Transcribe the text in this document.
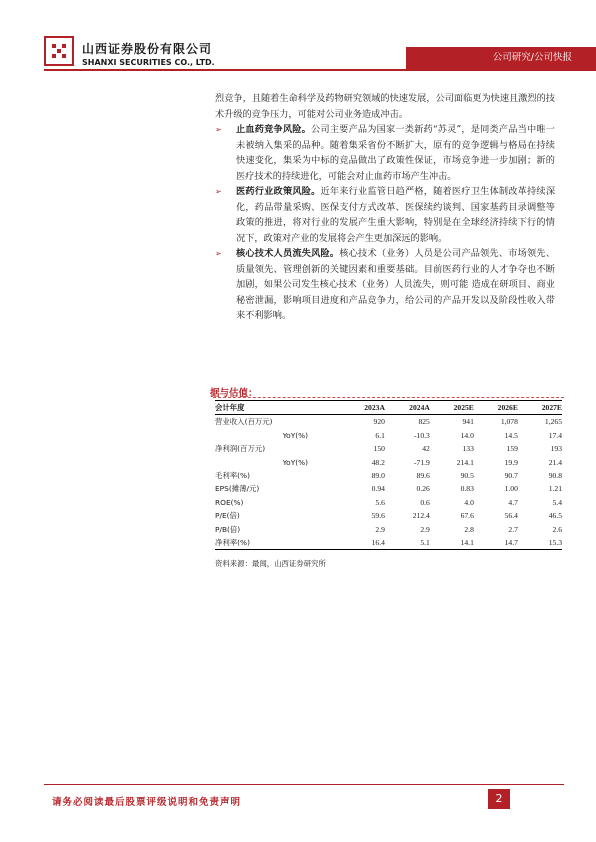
山西证券股份有限公司
SHANXI SECURITIES CO., LTD.	公司研究/公司快报

烈竞争，且随着生命科学及药物研究领域的快速发展，公司面临更为快速且激烈的技术升级的竞争压力，可能对公司业务造成冲击。

➢ 止血药竞争风险。公司主要产品为国家一类新药“苏灵”，是同类产品当中唯一未被纳入集采的品种。随着集采省份不断扩大，原有的竞争逻辑与格局在持续快速变化，集采为中标的竞品做出了政策性保证，市场竞争进一步加剧；新的医疗技术的持续进化，可能会对止血药市场产生冲击。

➢ 医药行业政策风险。近年来行业监管日趋严格，随着医疗卫生体制改革持续深化，药品带量采购、医保支付方式改革、医保续约谈判、国家基药目录调整等 政策的推进，将对行业的发展产生重大影响，特别是在全球经济持续下行的情况下，政策对产业的发展将会产生更加深远的影响。

➢ 核心技术人员流失风险。核心技术（业务）人员是公司产品领先、市场领先、质量领先、管理创新的关键因素和重要基础。目前医药行业的人才争夺也不断加剧，如果公司发生核心技术（业务）人员流失，则可能 造成在研项目、商业秘密泄漏，影响项目进度和产品竞争力，给公司的产品开发以及阶段性收入带来不利影响。

据与估值：
会计年度	2023A	2024A	2025E	2026E	2027E
营业收入(百万元)	920	825	941	1,078	1,265
YoY(%)	6.1	-10.3	14.0	14.5	17.4
净利润(百万元)	150	42	133	159	193
YoY(%)	48.2	-71.9	214.1	19.9	21.4
毛利率(%)	89.0	89.6	90.5	90.7	90.8
EPS(摊薄/元)	0.94	0.26	0.83	1.00	1.21
ROE(%)	5.6	0.6	4.0	4.7	5.4
P/E(倍)	59.6	212.4	67.6	56.4	46.5
P/B(倍)	2.9	2.9	2.8	2.7	2.6
净利率(%)	16.4	5.1	14.1	14.7	15.3
资料来源：最闻，山西证券研究所
请务必阅读最后股票评级说明和免责声明	2
